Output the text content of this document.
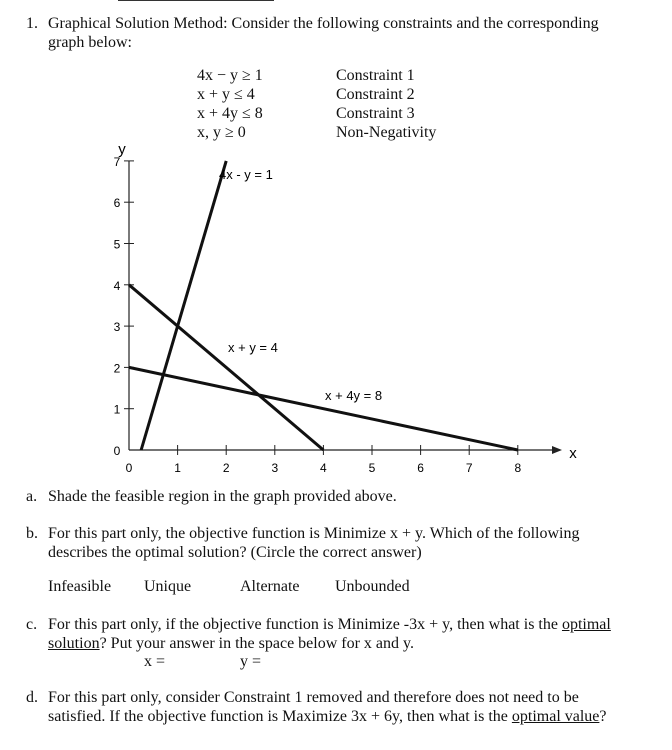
1. Graphical Solution Method: Consider the following constraints and the corresponding
graph below:
4x − y ≥ 1	Constraint 1
x + y ≤ 4	Constraint 2
x + 4y ≤ 8	Constraint 3
x, y ≥ 0	Non-Negativity
7
6
5
4
3
2
1
0
0	1	2	3	4	5	6	7	8
y
x
4x - y = 1
x + y = 4
x + 4y = 8
a. Shade the feasible region in the graph provided above.
b. For this part only, the objective function is Minimize x + y. Which of the following
describes the optimal solution? (Circle the correct answer)
Infeasible Unique	Alternate Unbounded
c. For this part only, if the objective function is Minimize -3x + y, then what is the optimal
solution? Put your answer in the space below for x and y.
x =	y =
d. For this part only, consider Constraint 1 removed and therefore does not need to be
satisfied. If the objective function is Maximize 3x + 6y, then what is the optimal value?
